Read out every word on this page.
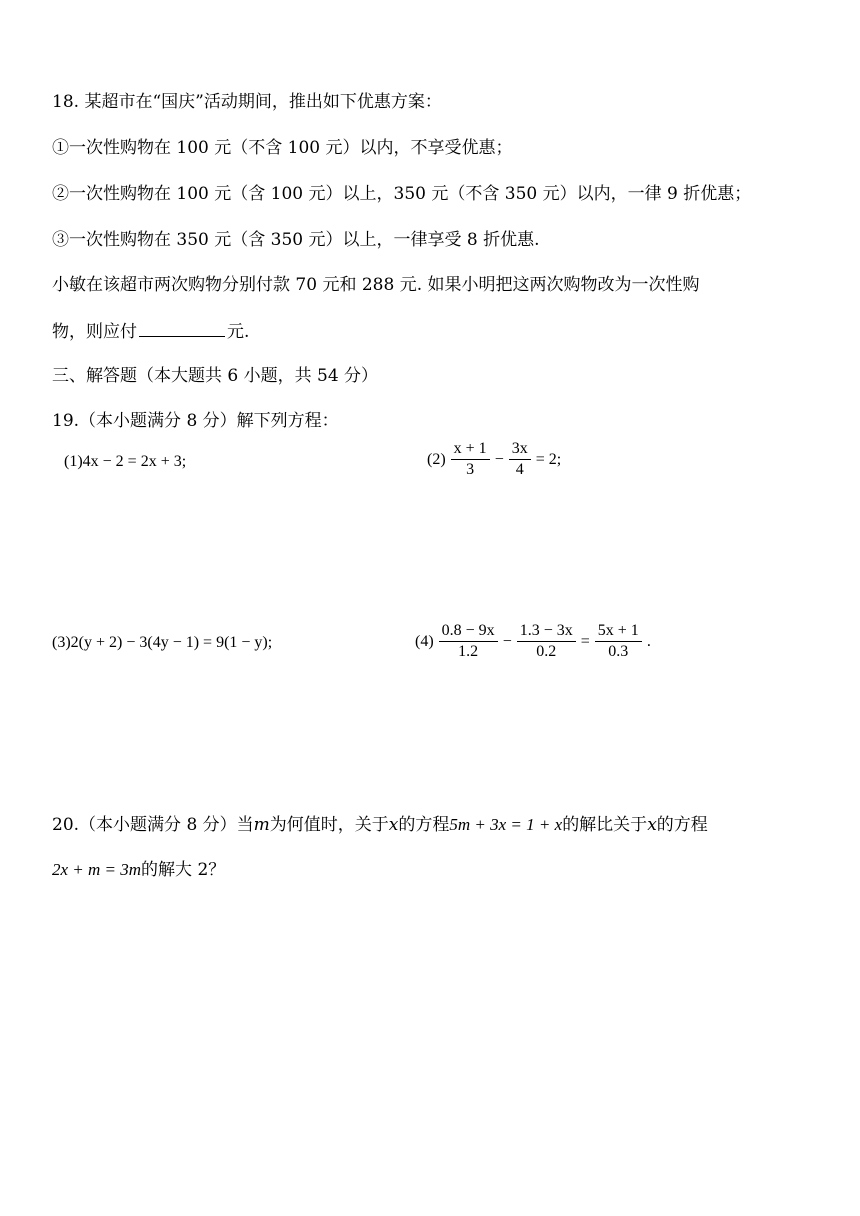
18. 某超市在“国庆”活动期间，推出如下优惠方案：
①一次性购物在 100 元（不含 100 元）以内，不享受优惠；
②一次性购物在 100 元（含 100 元）以上，350 元（不含 350 元）以内，一律 9 折优惠；
③一次性购物在 350 元（含 350 元）以上，一律享受 8 折优惠.
小敏在该超市两次购物分别付款 70 元和 288 元. 如果小明把这两次购物改为一次性购
物，则应付	元.
三、解答题（本大题共 6 小题，共 54 分）
19.（本小题满分 8 分）解下列方程：
(1)4x − 2 = 2x + 3;	$(2) \frac{x + 1}{3} - \frac{3x}{4} = 2$;
(3)2(y + 2) − 3(4y − 1) = 9(1 − y);	$(4) \frac{0.8 - 9x}{1.2} - \frac{1.3 - 3x}{0.2} = \frac{5x + 1}{0.3}$ .
20.（本小题满分 8 分）当m为何值时，关于x的方程5m + 3x = 1 + x的解比关于x的方程
2x + m = 3m的解大 2？
